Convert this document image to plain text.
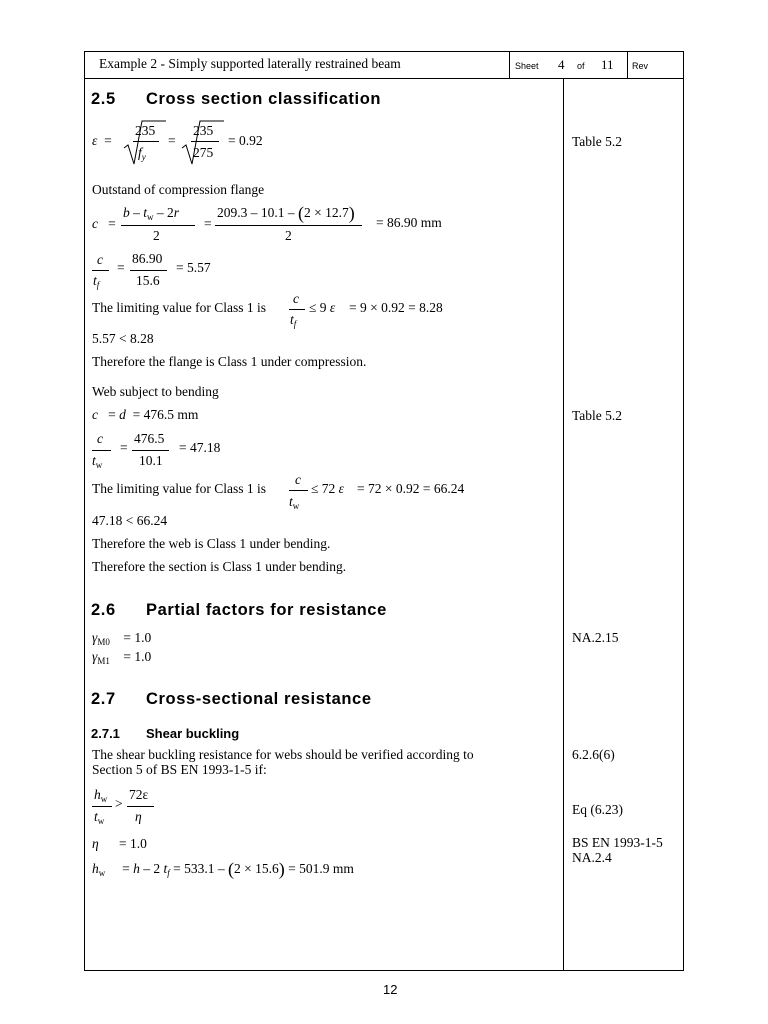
Example 2 - Simply supported laterally restrained beam	Sheet 4 of 11 Rev
2.5 Cross section classification
ε  =
235
$f_y$
=
235
275
= 0.92	Table 5.2
Outstand of compression flange
c   =
b – $t_w - 2r$
2
=
209.3 – 10.1 – (2 × 12.7)
2
= 86.90 mm
c
$t_f$
=
86.90
15.6
= 5.57
The limiting value for Class 1 is
c
$t_f$
≤ 9 ε = 9 × 0.92 = 8.28
5.57 < 8.28
Therefore the flange is Class 1 under compression.
Web subject to bending
c   = d = 476.5 mm	Table 5.2
c
$t_w$
=
476.5
10.1
= 47.18
The limiting value for Class 1 is
c
$t_w$
≤ 72 ε = 72 × 0.92 = 66.24
47.18 < 66.24
Therefore the web is Class 1 under bending.
Therefore the section is Class 1 under bending.
2.6 Partial factors for resistance
$\gamma_{M0} = 1.0$
$\gamma_{M1} = 1.0$
NA.2.15
2.7 Cross-sectional resistance
2.7.1 Shear buckling
The shear buckling resistance for webs should be verified according to
Section 5 of BS EN 1993-1-5 if:
6.2.6(6)
$h_w$
$t_w$
>
72ε
η	Eq (6.23)
η = 1.0	BS EN 1993-1-5
NA.2.4
$h_w$     = h – 2 $t_f = 533.1 - (2 \times 15.6) = 501.9$ mm
12
